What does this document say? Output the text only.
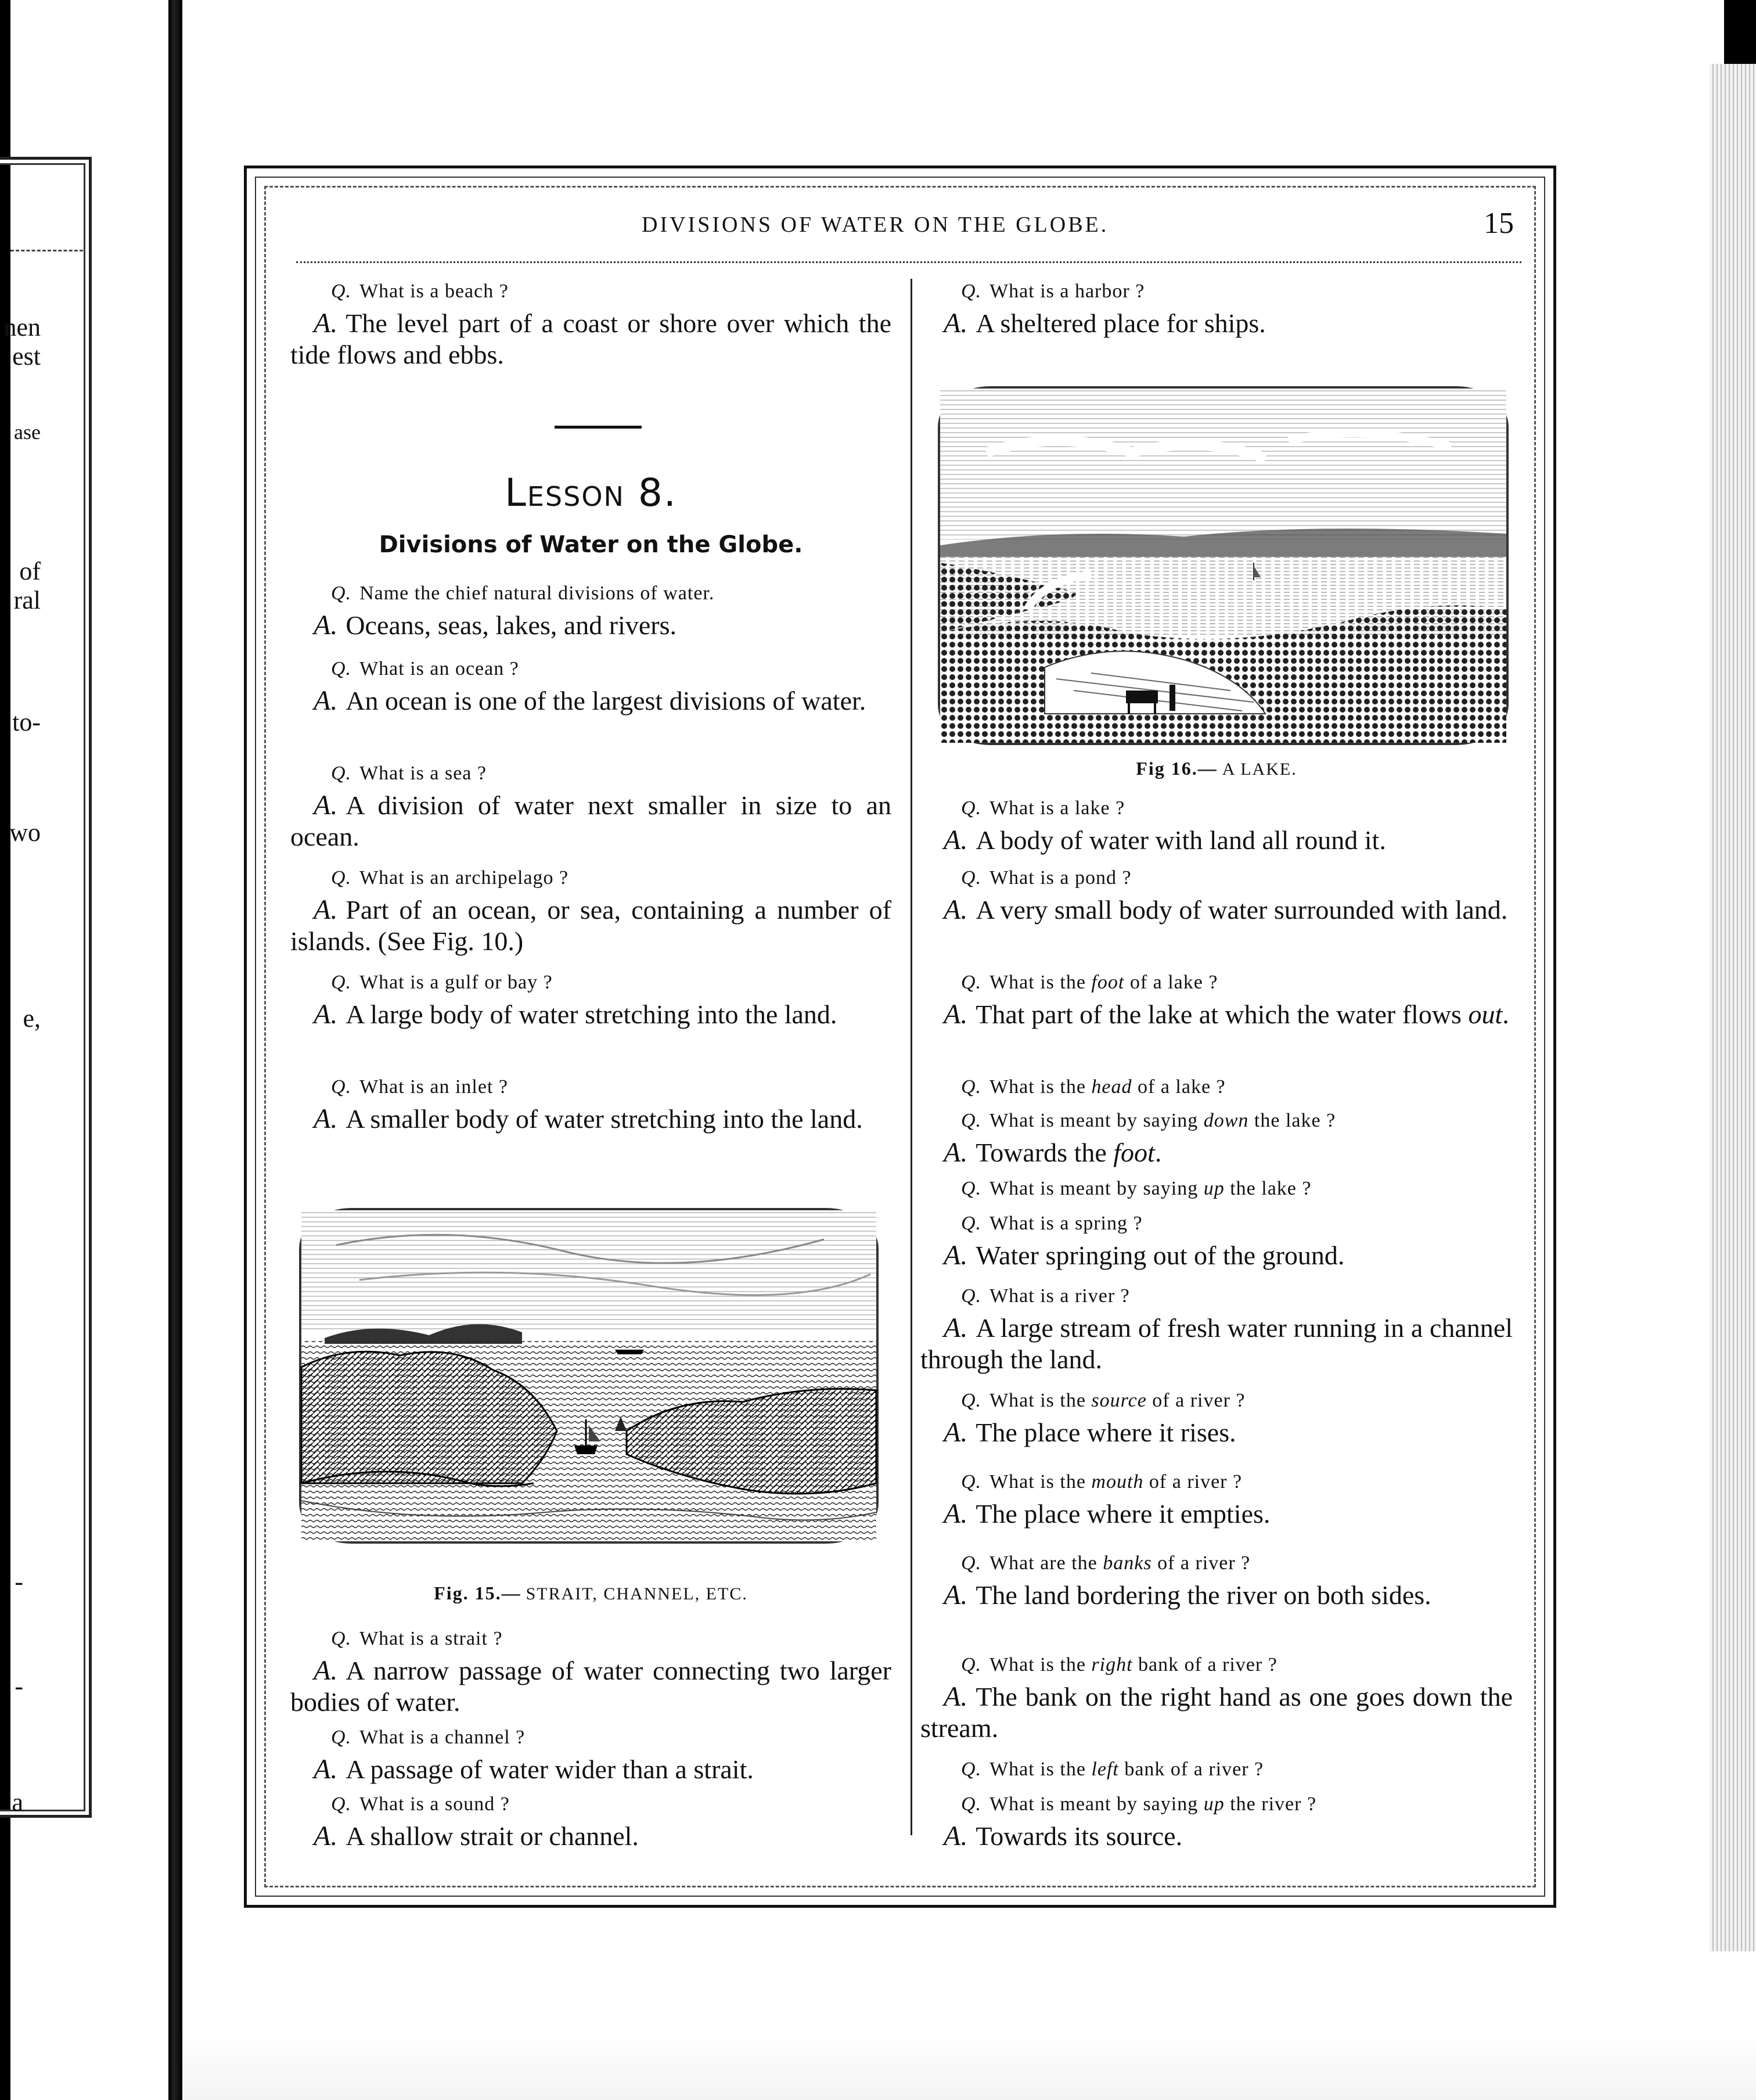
nen
est
ase
of
ral
to-
wo
e,
-
-
a
DIVISIONS OF WATER ON THE GLOBE.	15
Q. What is a beach ?
A. The level part of a coast or shore over which the tide flows and ebbs.
Lesson 8.
Divisions of Water on the Globe.
Q. Name the chief natural divisions of water.
A. Oceans, seas, lakes, and rivers.
Q. What is an ocean ?
A. An ocean is one of the largest divisions of water.
Q. What is a sea ?
A. A division of water next smaller in size to an ocean.
Q. What is an archipelago ?
A. Part of an ocean, or sea, containing a number of islands. (See Fig. 10.)
Q. What is a gulf or bay ?
A. A large body of water stretching into the land.
Q. What is an inlet ?
A. A smaller body of water stretching into the land.
Fig. 15.— STRAIT, CHANNEL, ETC.
Q. What is a strait ?
A. A narrow passage of water connecting two larger bodies of water.
Q. What is a channel ?
A. A passage of water wider than a strait.
Q. What is a sound ?
A. A shallow strait or channel.
Q. What is a harbor ?
A. A sheltered place for ships.
Fig 16.— A LAKE.
Q. What is a lake ?
A. A body of water with land all round it.
Q. What is a pond ?
A. A very small body of water surrounded with land.
Q. What is the foot of a lake ?
A. That part of the lake at which the water flows out.
Q. What is the head of a lake ?
Q. What is meant by saying down the lake ?
A. Towards the foot.
Q. What is meant by saying up the lake ?
Q. What is a spring ?
A. Water springing out of the ground.
Q. What is a river ?
A. A large stream of fresh water running in a channel through the land.
Q. What is the source of a river ?
A. The place where it rises.
Q. What is the mouth of a river ?
A. The place where it empties.
Q. What are the banks of a river ?
A. The land bordering the river on both sides.
Q. What is the right bank of a river ?
A. The bank on the right hand as one goes down the stream.
Q. What is the left bank of a river ?
Q. What is meant by saying up the river ?
A. Towards its source.
